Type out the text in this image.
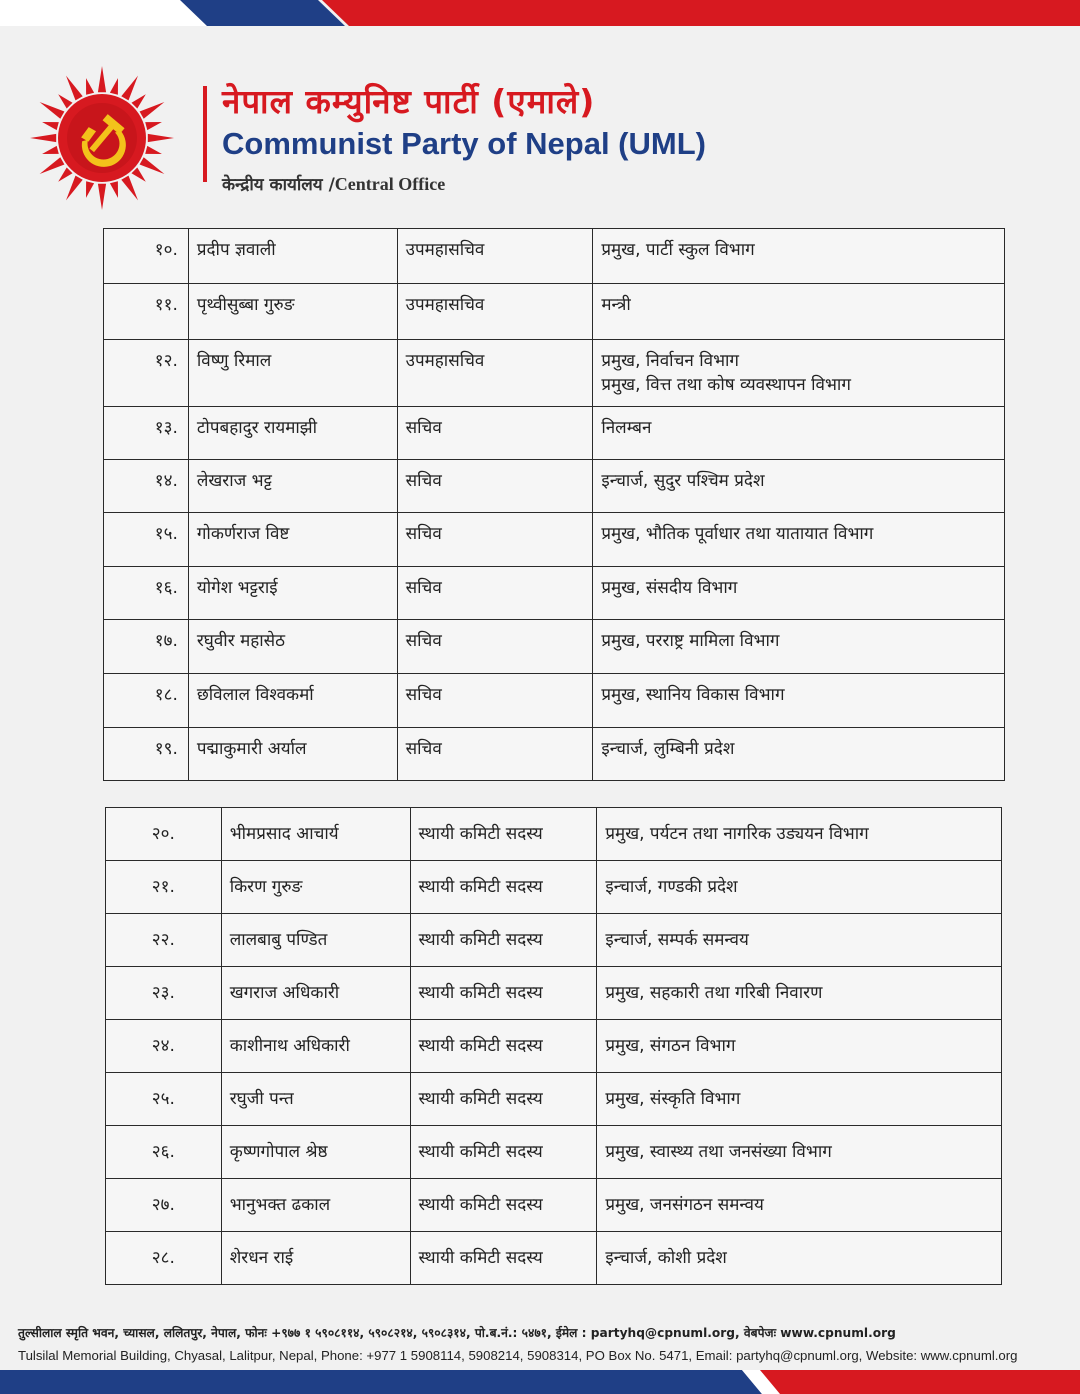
नेपाल कम्युनिष्ट पार्टी (एमाले)
Communist Party of Nepal (UML)
केन्द्रीय कार्यालय /Central Office
१०.	प्रदीप ज्ञवाली	उपमहासचिव	प्रमुख, पार्टी स्कुल विभाग

११.	पृथ्वीसुब्बा गुरुङ	उपमहासचिव	मन्त्री

१२.	विष्णु रिमाल	उपमहासचिव	प्रमुख, निर्वाचन विभाग
प्रमुख, वित्त तथा कोष व्यवस्थापन विभाग

१३.	टोपबहादुर रायमाझी	सचिव	निलम्बन

१४.	लेखराज भट्ट	सचिव	इन्चार्ज, सुदुर पश्चिम प्रदेश

१५.	गोकर्णराज विष्ट	सचिव	प्रमुख, भौतिक पूर्वाधार तथा यातायात विभाग

१६.	योगेश भट्टराई	सचिव	प्रमुख, संसदीय विभाग

१७.	रघुवीर महासेठ	सचिव	प्रमुख, परराष्ट्र मामिला विभाग

१८.	छविलाल विश्वकर्मा	सचिव	प्रमुख, स्थानिय विकास विभाग

१९.	पद्माकुमारी अर्याल	सचिव	इन्चार्ज, लुम्बिनी प्रदेश
२०.	भीमप्रसाद आचार्य	स्थायी कमिटी सदस्य	प्रमुख, पर्यटन तथा नागरिक उड्ययन विभाग

२१.	किरण गुरुङ	स्थायी कमिटी सदस्य	इन्चार्ज, गण्डकी प्रदेश

२२.	लालबाबु पण्डित	स्थायी कमिटी सदस्य	इन्चार्ज, सम्पर्क समन्वय

२३.	खगराज अधिकारी	स्थायी कमिटी सदस्य	प्रमुख, सहकारी तथा गरिबी निवारण

२४.	काशीनाथ अधिकारी	स्थायी कमिटी सदस्य	प्रमुख, संगठन विभाग

२५.	रघुजी पन्त	स्थायी कमिटी सदस्य	प्रमुख, संस्कृति विभाग

२६.	कृष्णगोपाल श्रेष्ठ	स्थायी कमिटी सदस्य	प्रमुख, स्वास्थ्य तथा जनसंख्या विभाग

२७.	भानुभक्त ढकाल	स्थायी कमिटी सदस्य	प्रमुख, जनसंगठन समन्वय

२८.	शेरधन राई	स्थायी कमिटी सदस्य	इन्चार्ज, कोशी प्रदेश
तुल्सीलाल स्मृति भवन, च्यासल, ललितपुर, नेपाल, फोनः +९७७ १ ५९०८११४, ५९०८२१४, ५९०८३१४, पो.ब.नं.: ५४७१, ईमेल : partyhq@cpnuml.org, वेबपेजः www.cpnuml.org
Tulsilal Memorial Building, Chyasal, Lalitpur, Nepal, Phone: +977 1 5908114, 5908214, 5908314, PO Box No. 5471, Email: partyhq@cpnuml.org, Website: www.cpnuml.org
